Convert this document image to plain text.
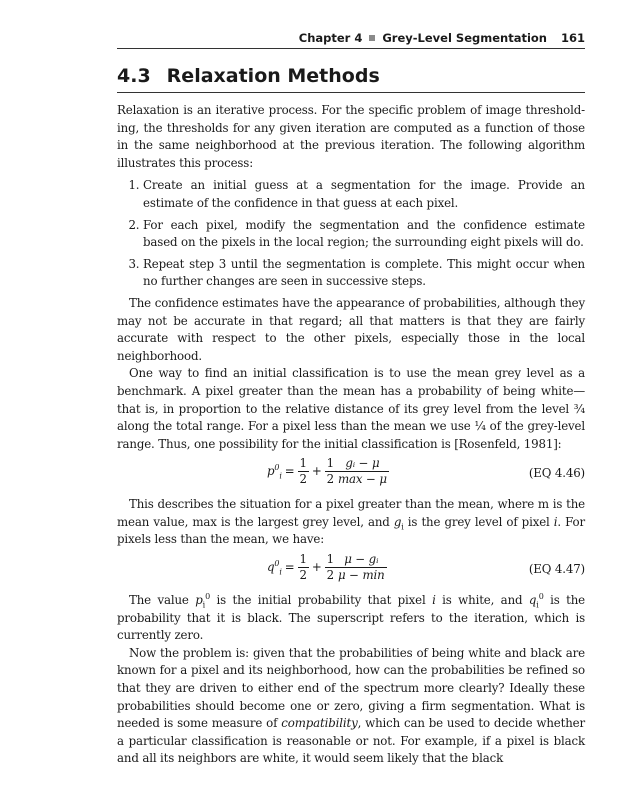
Chapter 4 Grey-Level Segmentation 161
4.3 Relaxation Methods

Relaxation is an iterative process. For the specific problem of image threshold-ing, the thresholds for any given iteration are computed as a function of those in the same neighborhood at the previous iteration. The following algorithm illustrates this process:

1. Create an initial guess at a segmentation for the image. Provide an estimate of the confidence in that guess at each pixel.
2. For each pixel, modify the segmentation and the confidence estimate based on the pixels in the local region; the surrounding eight pixels will do.
3. Repeat step 3 until the segmentation is complete. This might occur when no further changes are seen in successive steps.

The confidence estimates have the appearance of probabilities, although they may not be accurate in that regard; all that matters is that they are fairly accurate with respect to the other pixels, especially those in the local neighborhood.

One way to find an initial classification is to use the mean grey level as a benchmark. A pixel greater than the mean has a probability of being white—that is, in proportion to the relative distance of its grey level from the level ¾ along the total range. For a pixel less than the mean we use ¼ of the grey-level range. Thus, one possibility for the initial classification is [Rosenfeld, 1981]:

$p^0_i = \frac{1}{2} + \frac{1}{2} \frac{\text{gᵢ − μ}}{\max - \mu}$	(EQ 4.46)

This describes the situation for a pixel greater than the mean, where m is the mean value, max is the largest grey level, and $g_i$ is the grey level of pixel i. For pixels less than the mean, we have:

$q^0_i = \frac{1}{2} + \frac{1}{2} \frac{\text{μ − gᵢ}}{\mu - \min}$	(EQ 4.47)

The value $p_i^0$ is the initial probability that pixel i is white, and $q_i^0$ is the probability that it is black. The superscript refers to the iteration, which is currently zero.

Now the problem is: given that the probabilities of being white and black are known for a pixel and its neighborhood, how can the probabilities be refined so that they are driven to either end of the spectrum more clearly? Ideally these probabilities should become one or zero, giving a firm segmentation. What is needed is some measure of compatibility, which can be used to decide whether a particular classification is reasonable or not. For example, if a pixel is black and all its neighbors are white, it would seem likely that the black
